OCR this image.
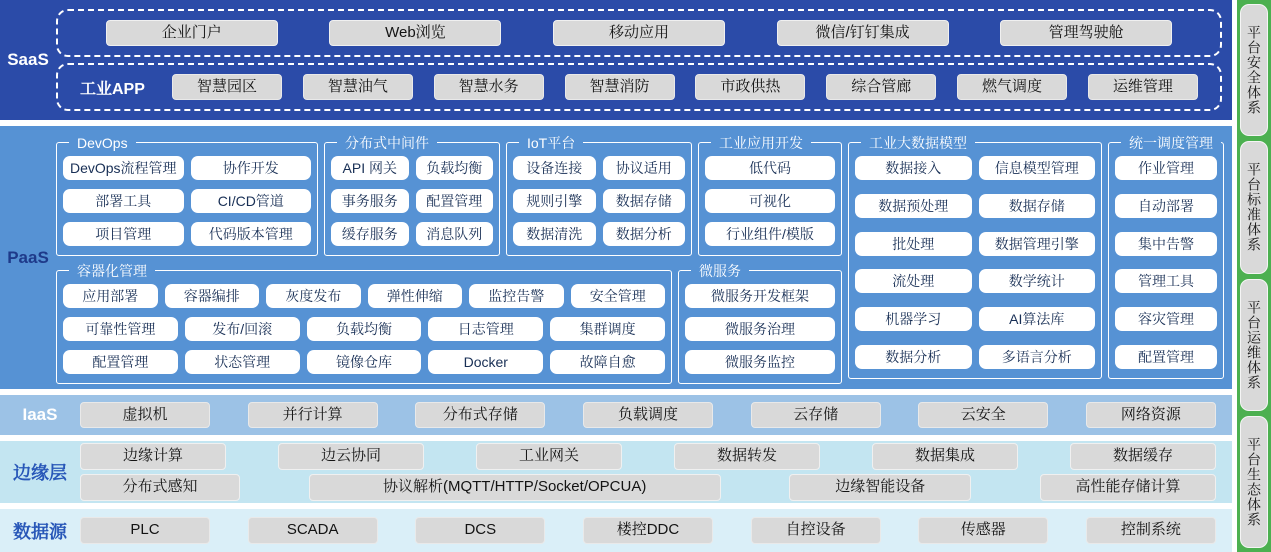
SaaS
企业门户	Web浏览	移动应用	微信/钉钉集成	管理驾驶舱
工业APP	智慧园区	智慧油气	智慧水务	智慧消防	市政供热	综合管廊	燃气调度	运维管理
PaaS
DevOps
DevOps流程管理	协作开发
部署工具	CI/CD管道
项目管理	代码版本管理
分布式中间件
API 网关	负载均衡
事务服务	配置管理
缓存服务	消息队列
IoT平台
设备连接	协议适用
规则引擎	数据存储
数据清洗	数据分析
工业应用开发
低代码
可视化
行业组件/模版
容器化管理
应用部署	容器编排	灰度发布	弹性伸缩	监控告警	安全管理
可靠性管理	发布/回滚	负载均衡	日志管理	集群调度
配置管理	状态管理	镜像仓库	Docker	故障自愈
微服务
微服务开发框架
微服务治理
微服务监控
工业大数据模型
数据接入	信息模型管理
数据预处理	数据存储
批处理	数据管理引擎
流处理	数学统计
机器学习	AI算法库
数据分析	多语言分析
统一调度管理
作业管理
自动部署
集中告警
管理工具
容灾管理
配置管理
IaaS	虚拟机	并行计算	分布式存储	负载调度	云存储	云安全	网络资源
边缘层
边缘计算	边云协同	工业网关	数据转发	数据集成	数据缓存
分布式感知	协议解析(MQTT/HTTP/Socket/OPCUA)	边缘智能设备	高性能存储计算
数据源	PLC	SCADA	DCS	楼控DDC	自控设备	传感器	控制系统
平台安全体系
平台标准体系
平台运维体系
平台生态体系
